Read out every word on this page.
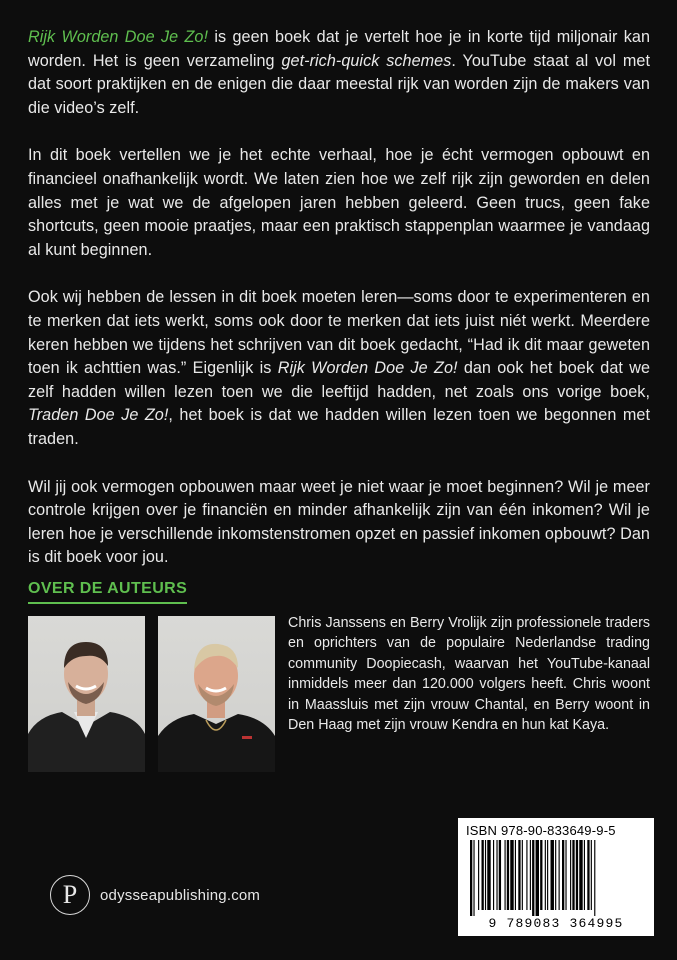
Rijk Worden Doe Je Zo! is geen boek dat je vertelt hoe je in korte tijd miljonair kan worden. Het is geen verzameling get-rich-quick schemes. YouTube staat al vol met dat soort praktijken en de enigen die daar meestal rijk van worden zijn de makers van die video’s zelf.

In dit boek vertellen we je het echte verhaal, hoe je écht vermogen opbouwt en financieel onafhankelijk wordt. We laten zien hoe we zelf rijk zijn geworden en delen alles met je wat we de afgelopen jaren hebben geleerd. Geen trucs, geen fake shortcuts, geen mooie praatjes, maar een praktisch stappenplan waarmee je vandaag al kunt beginnen.

Ook wij hebben de lessen in dit boek moeten leren—soms door te experimenteren en te merken dat iets werkt, soms ook door te merken dat iets juist niét werkt. Meerdere keren hebben we tijdens het schrijven van dit boek gedacht, “Had ik dit maar geweten toen ik achttien was.” Eigenlijk is Rijk Worden Doe Je Zo! dan ook het boek dat we zelf hadden willen lezen toen we die leeftijd hadden, net zoals ons vorige boek, Traden Doe Je Zo!, het boek is dat we hadden willen lezen toen we begonnen met traden.

Wil jij ook vermogen opbouwen maar weet je niet waar je moet beginnen? Wil je meer controle krijgen over je financiën en minder afhankelijk zijn van één inkomen? Wil je leren hoe je verschillende inkomstenstromen opzet en passief inkomen opbouwt? Dan is dit boek voor jou.

OVER DE AUTEURS

Chris Janssens en Berry Vrolijk zijn professionele traders en oprichters van de populaire Nederlandse trading community Doopiecash, waarvan het YouTube-kanaal inmiddels meer dan 120.000 volgers heeft. Chris woont in Maassluis met zijn vrouw Chantal, en Berry woont in Den Haag met zijn vrouw Kendra en hun kat Kaya.

P	odysseapublishing.com
ISBN 978-90-833649-9-5
9 789083 364995
